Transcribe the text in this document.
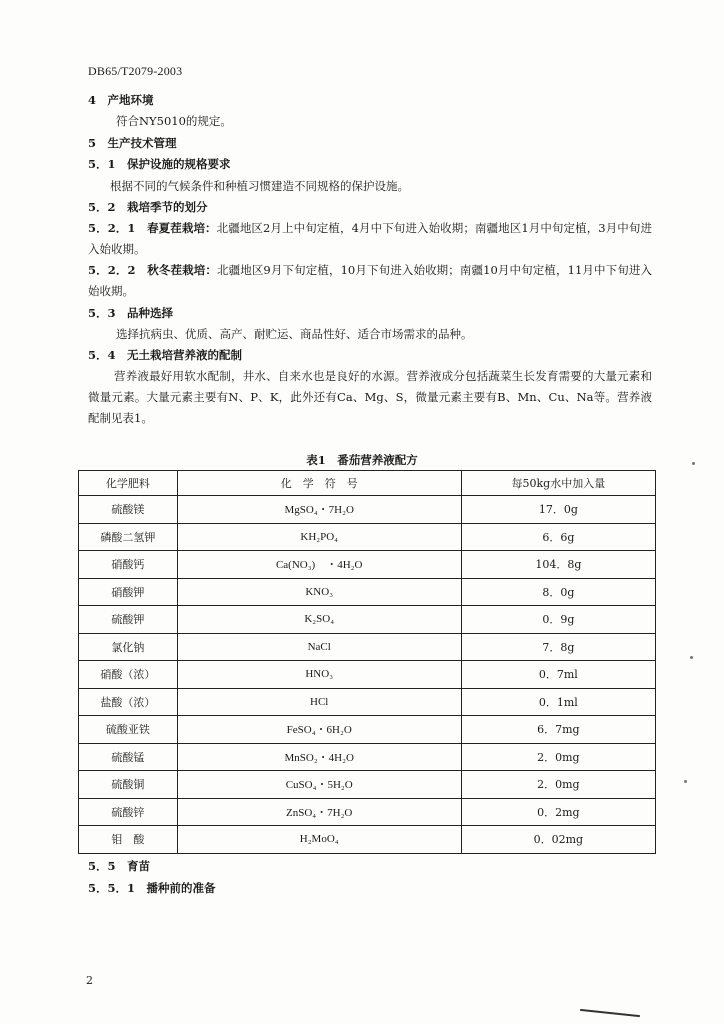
DB65/T2079-2003
4　产地环境
符合NY5010的规定。
5　生产技术管理
5．1　保护设施的规格要求
根据不同的气候条件和种植习惯建造不同规格的保护设施。
5．2　栽培季节的划分
5．2．1　春夏茬栽培：北疆地区2月上中旬定植，4月中下旬进入始收期；南疆地区1月中旬定植，3月中旬进入始收期。
5．2．2　秋冬茬栽培：北疆地区9月下旬定植，10月下旬进入始收期；南疆10月中旬定植，11月中下旬进入始收期。
5．3　品种选择
选择抗病虫、优质、高产、耐贮运、商品性好、适合市场需求的品种。
5．4　无土栽培营养液的配制
营养液最好用软水配制，井水、自来水也是良好的水源。营养液成分包括蔬菜生长发育需要的大量元素和微量元素。大量元素主要有N、P、K，此外还有Ca、Mg、S，微量元素主要有B、Mn、Cu、Na等。营养液配制见表1。
表1　番茄营养液配方
化学肥料	化　学　符　号	每50kg水中加入量
硫酸镁	MgSO₄・7H₂O	17．0g
磷酸二氢钾	KH₂PO₄	6．6g
硝酸钙	Ca(NO₃)　・4H₂O	104．8g
硝酸钾	KNO₃	8．0g
硫酸钾	K₂SO₄	0．9g
氯化钠	NaCl	7．8g
硝酸（浓）	HNO₃	0．7ml
盐酸（浓）	HCl	0．1ml
硫酸亚铁	FeSO₄・6H₂O	6．7mg
硫酸锰	MnSO₂・4H₂O	2．0mg
硫酸铜	CuSO₄・5H₂O	2．0mg
硫酸锌	ZnSO₄・7H₂O	0．2mg
钼　酸	H₂MoO₄	0．02mg
5．5　育苗
5．5．1　播种前的准备
2
